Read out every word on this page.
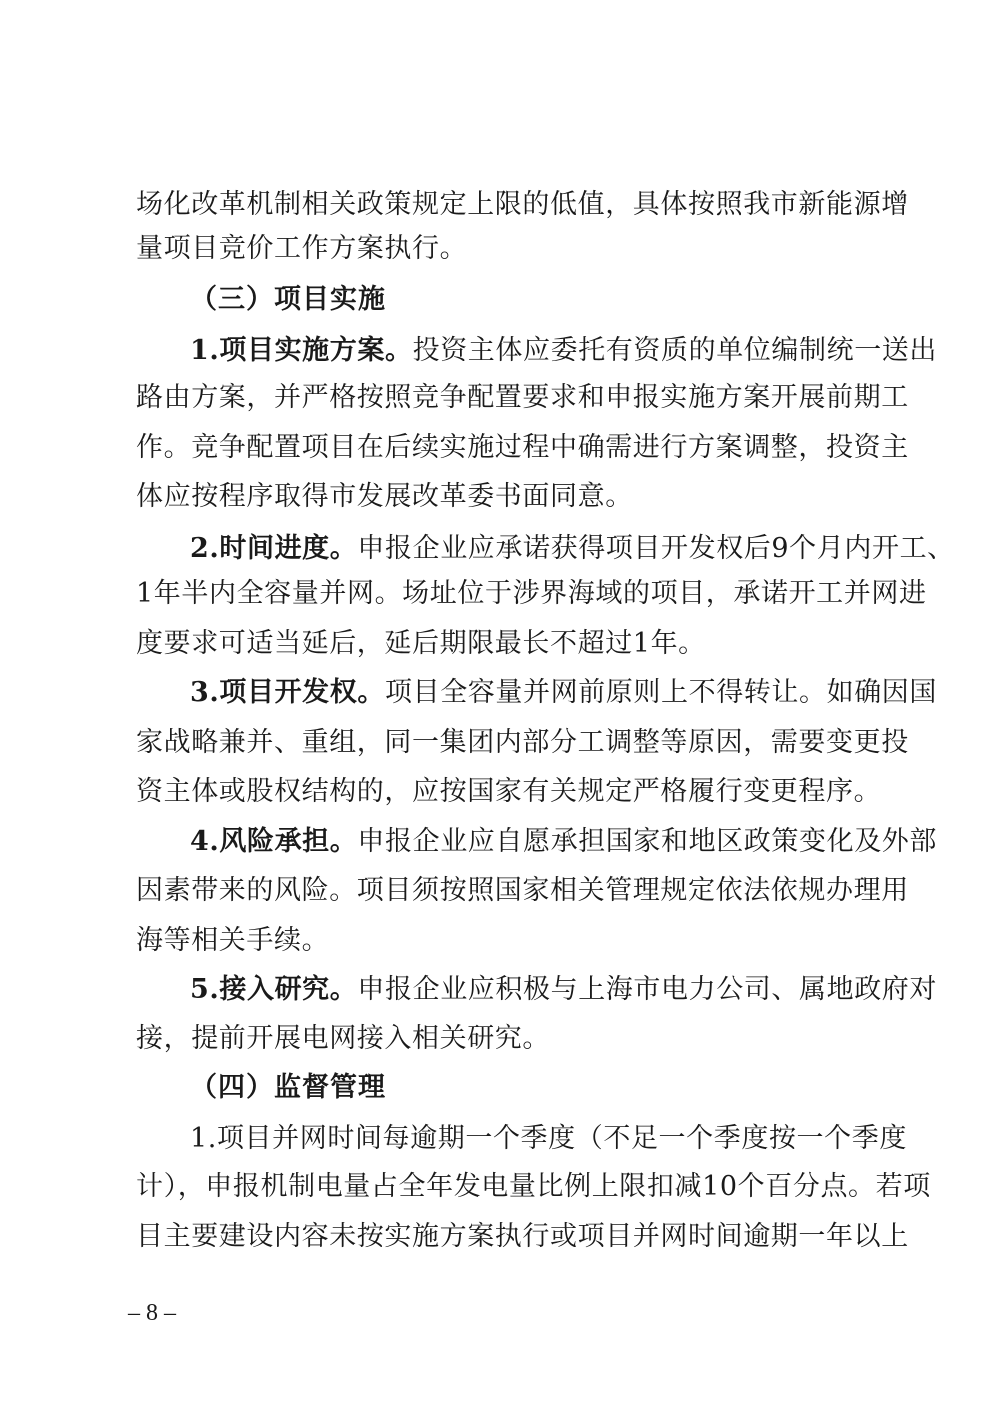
场化改革机制相关政策规定上限的低值，具体按照我市新能源增
量项目竞价工作方案执行。
（三）项目实施
1.项目实施方案。投资主体应委托有资质的单位编制统一送出
路由方案，并严格按照竞争配置要求和申报实施方案开展前期工
作。竞争配置项目在后续实施过程中确需进行方案调整，投资主
体应按程序取得市发展改革委书面同意。
2.时间进度。申报企业应承诺获得项目开发权后9个月内开工、
1年半内全容量并网。场址位于涉界海域的项目，承诺开工并网进
度要求可适当延后，延后期限最长不超过1年。
3.项目开发权。项目全容量并网前原则上不得转让。如确因国
家战略兼并、重组，同一集团内部分工调整等原因，需要变更投
资主体或股权结构的，应按国家有关规定严格履行变更程序。
4.风险承担。申报企业应自愿承担国家和地区政策变化及外部
因素带来的风险。项目须按照国家相关管理规定依法依规办理用
海等相关手续。
5.接入研究。申报企业应积极与上海市电力公司、属地政府对
接，提前开展电网接入相关研究。
（四）监督管理
1.项目并网时间每逾期一个季度（不足一个季度按一个季度
计），申报机制电量占全年发电量比例上限扣减10个百分点。若项
目主要建设内容未按实施方案执行或项目并网时间逾期一年以上
– 8 –
